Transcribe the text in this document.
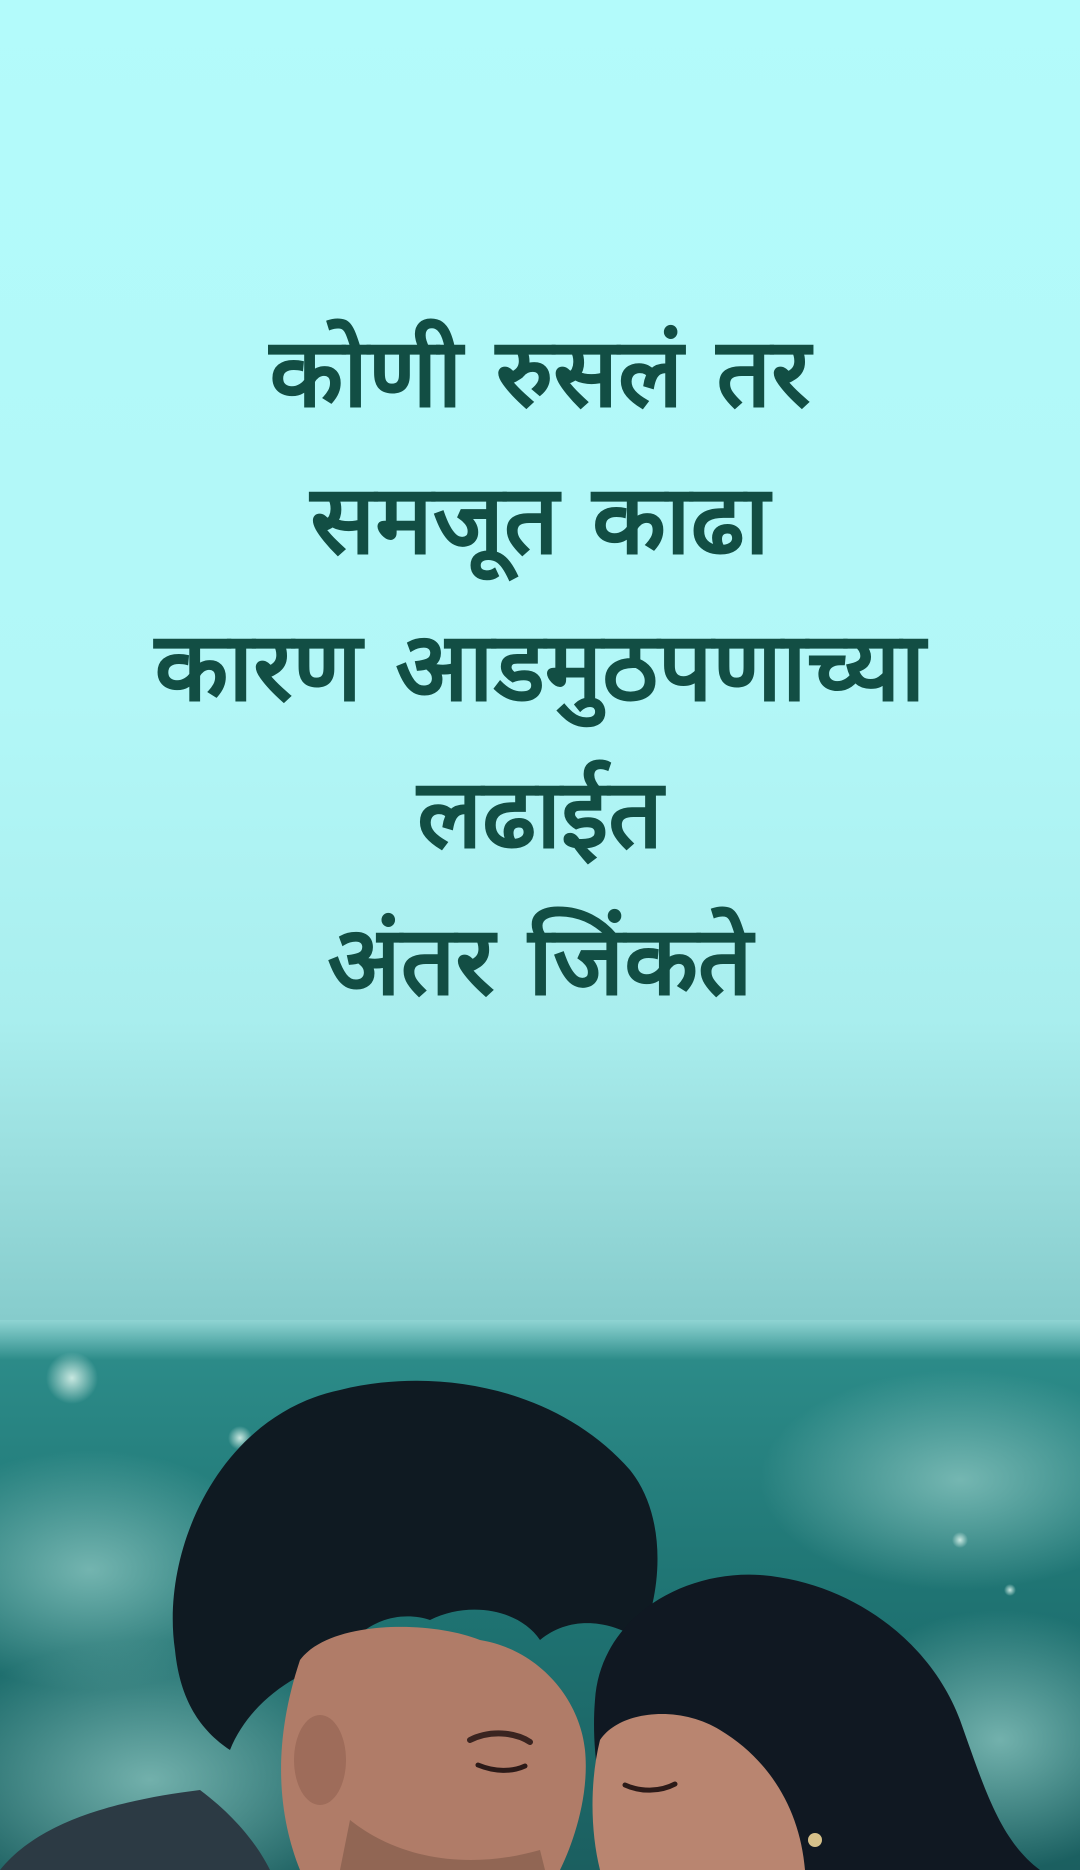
कोणी रुसलं तर
समजूत काढा
कारण आडमुठपणाच्या
लढाईत
अंतर जिंकते
